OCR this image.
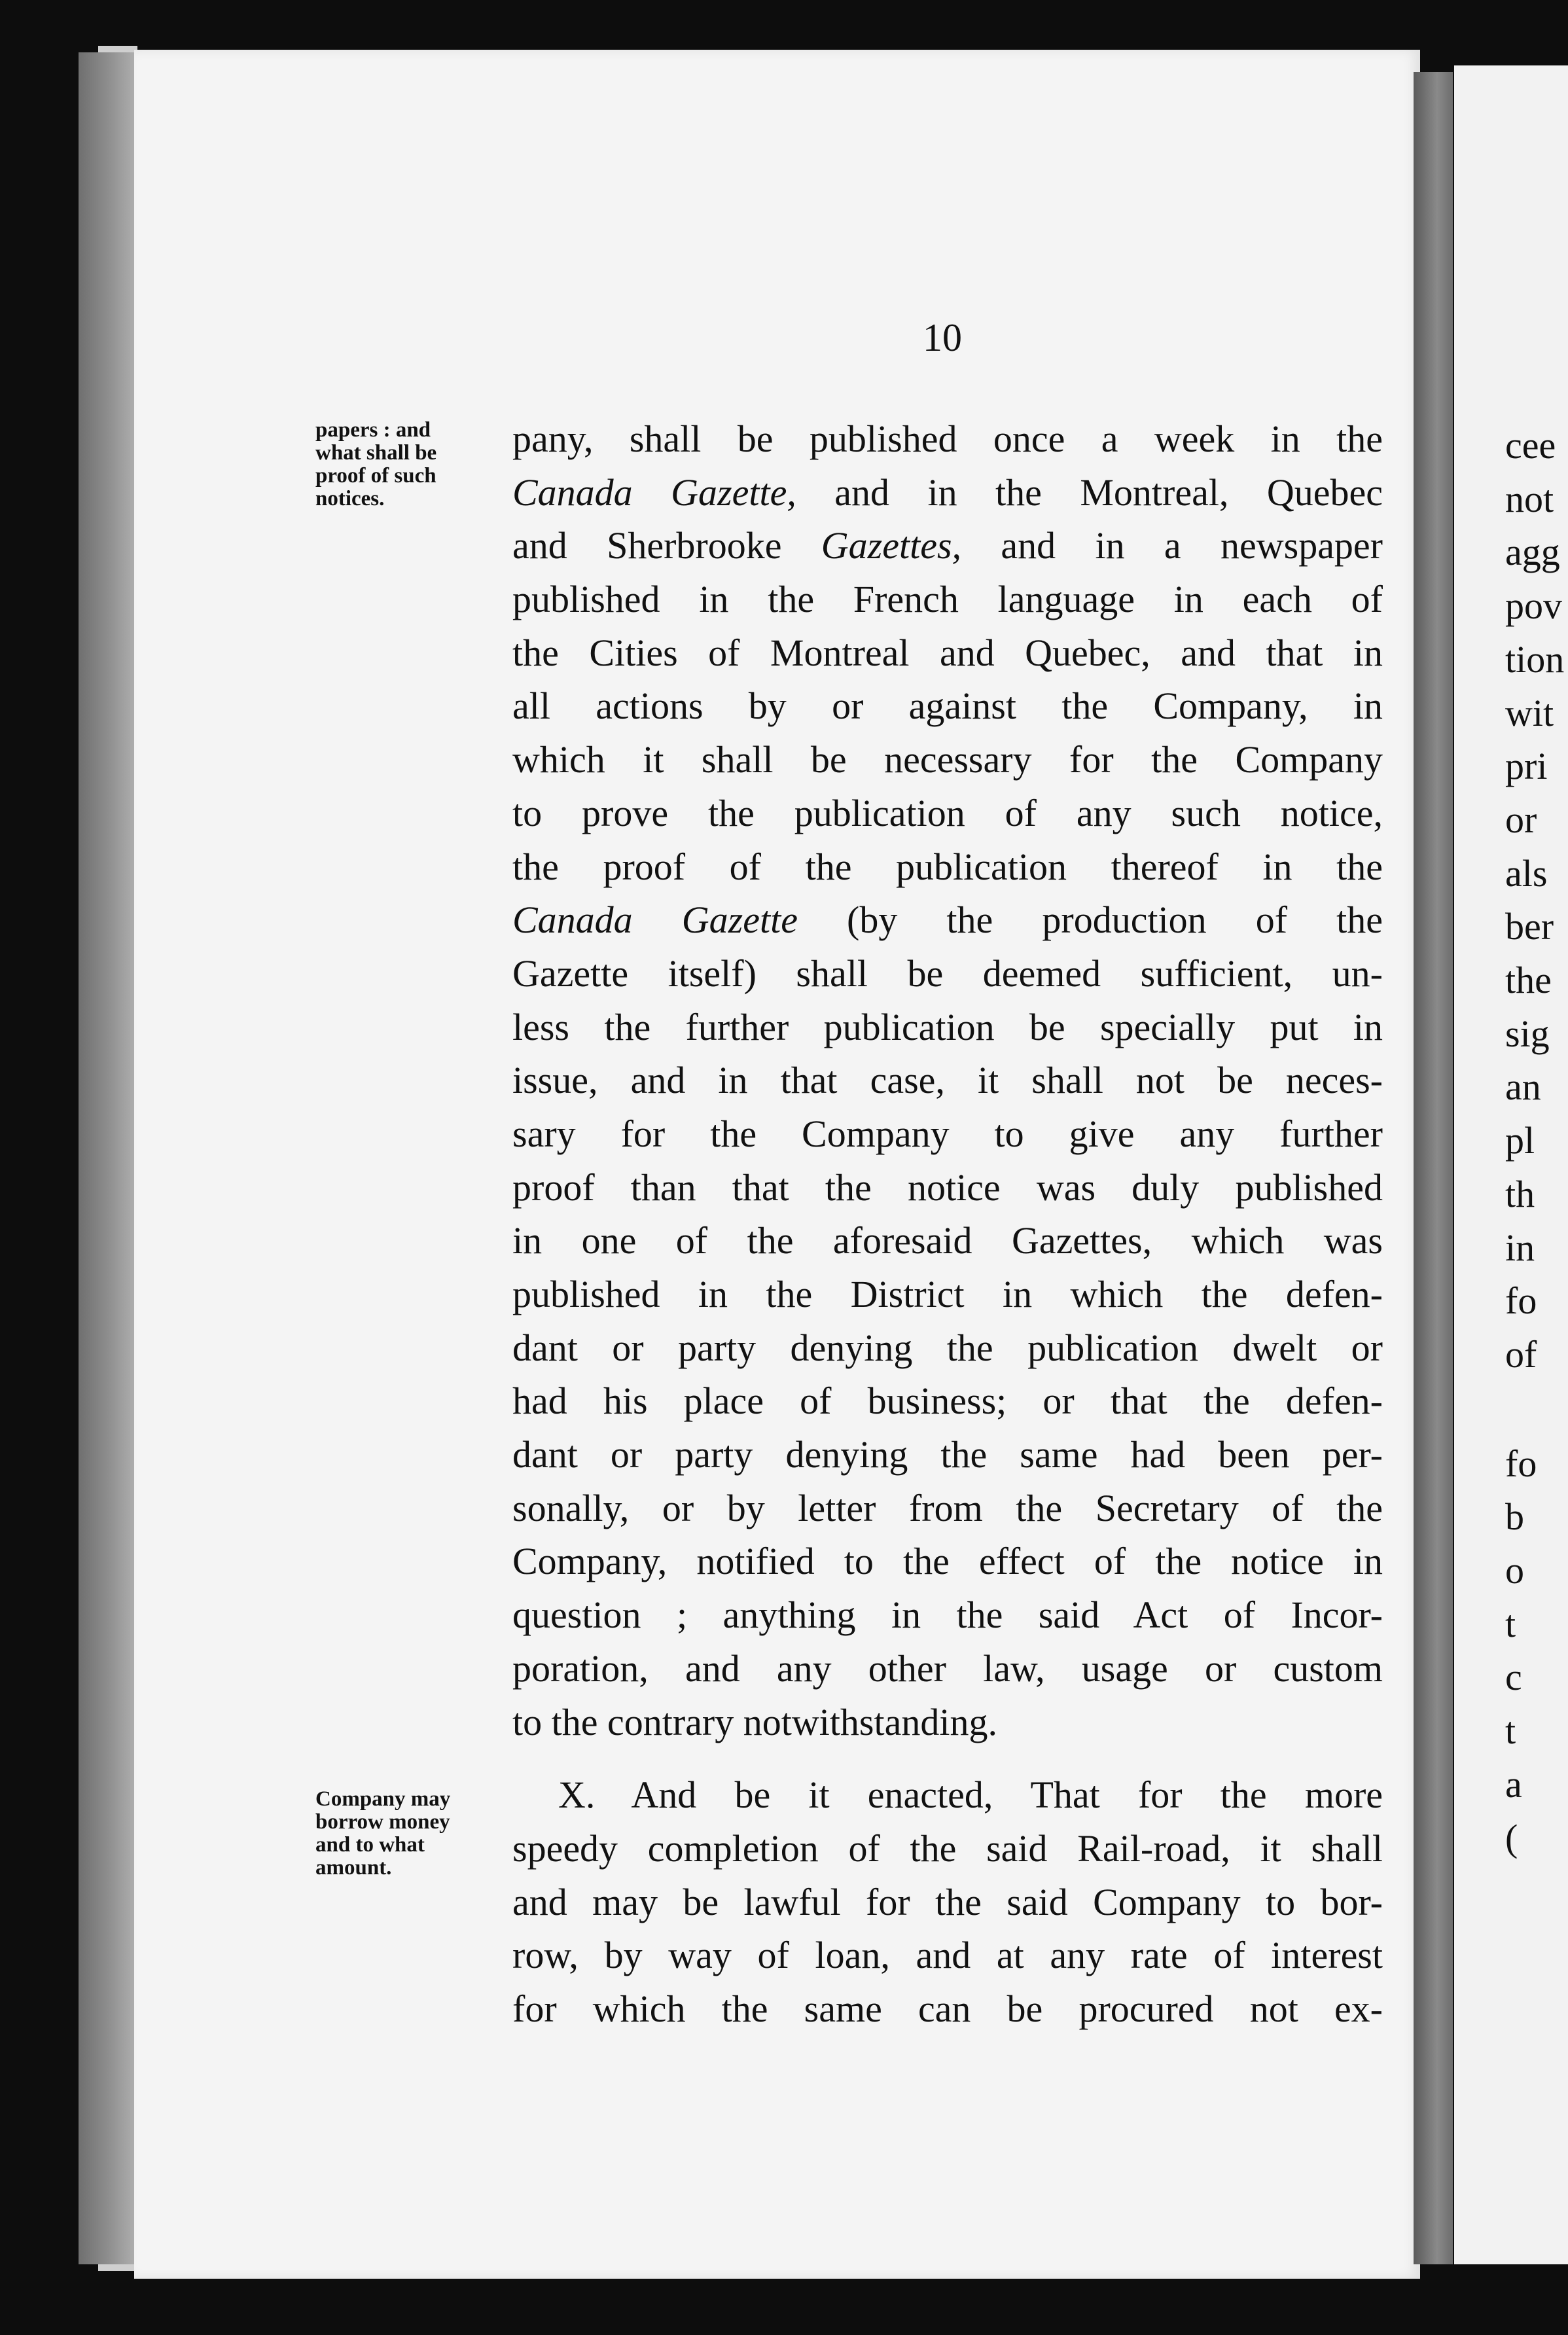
cee
not
agg
pov
tion
wit
pri
or
als
ber
the
sig
an
pl
th
in
fo
of
fo
b
o
t
c
t
a
(
10
papers : and
what shall be
proof of such
notices.
Company may
borrow money
and to what
amount.
pany, shall be published once a week in the
Canada Gazette, and in the Montreal, Quebec
and Sherbrooke Gazettes, and in a newspaper
published in the French language in each of
the Cities of Montreal and Quebec, and that in
all actions by or against the Company, in
which it shall be necessary for the Company
to prove the publication of any such notice,
the proof of the publication thereof in the
Canada Gazette (by the production of the
Gazette itself) shall be deemed sufficient, un-
less the further publication be specially put in
issue, and in that case, it shall not be neces-
sary for the Company to give any further
proof than that the notice was duly published
in one of the aforesaid Gazettes, which was
published in the District in which the defen-
dant or party denying the publication dwelt or
had his place of business; or that the defen-
dant or party denying the same had been per-
sonally, or by letter from the Secretary of the
Company, notified to the effect of the notice in
question ; anything in the said Act of Incor-
poration, and any other law, usage or custom
to the contrary notwithstanding.
X. And be it enacted, That for the more
speedy completion of the said Rail-road, it shall
and may be lawful for the said Company to bor-
row, by way of loan, and at any rate of interest
for which the same can be procured not ex-
